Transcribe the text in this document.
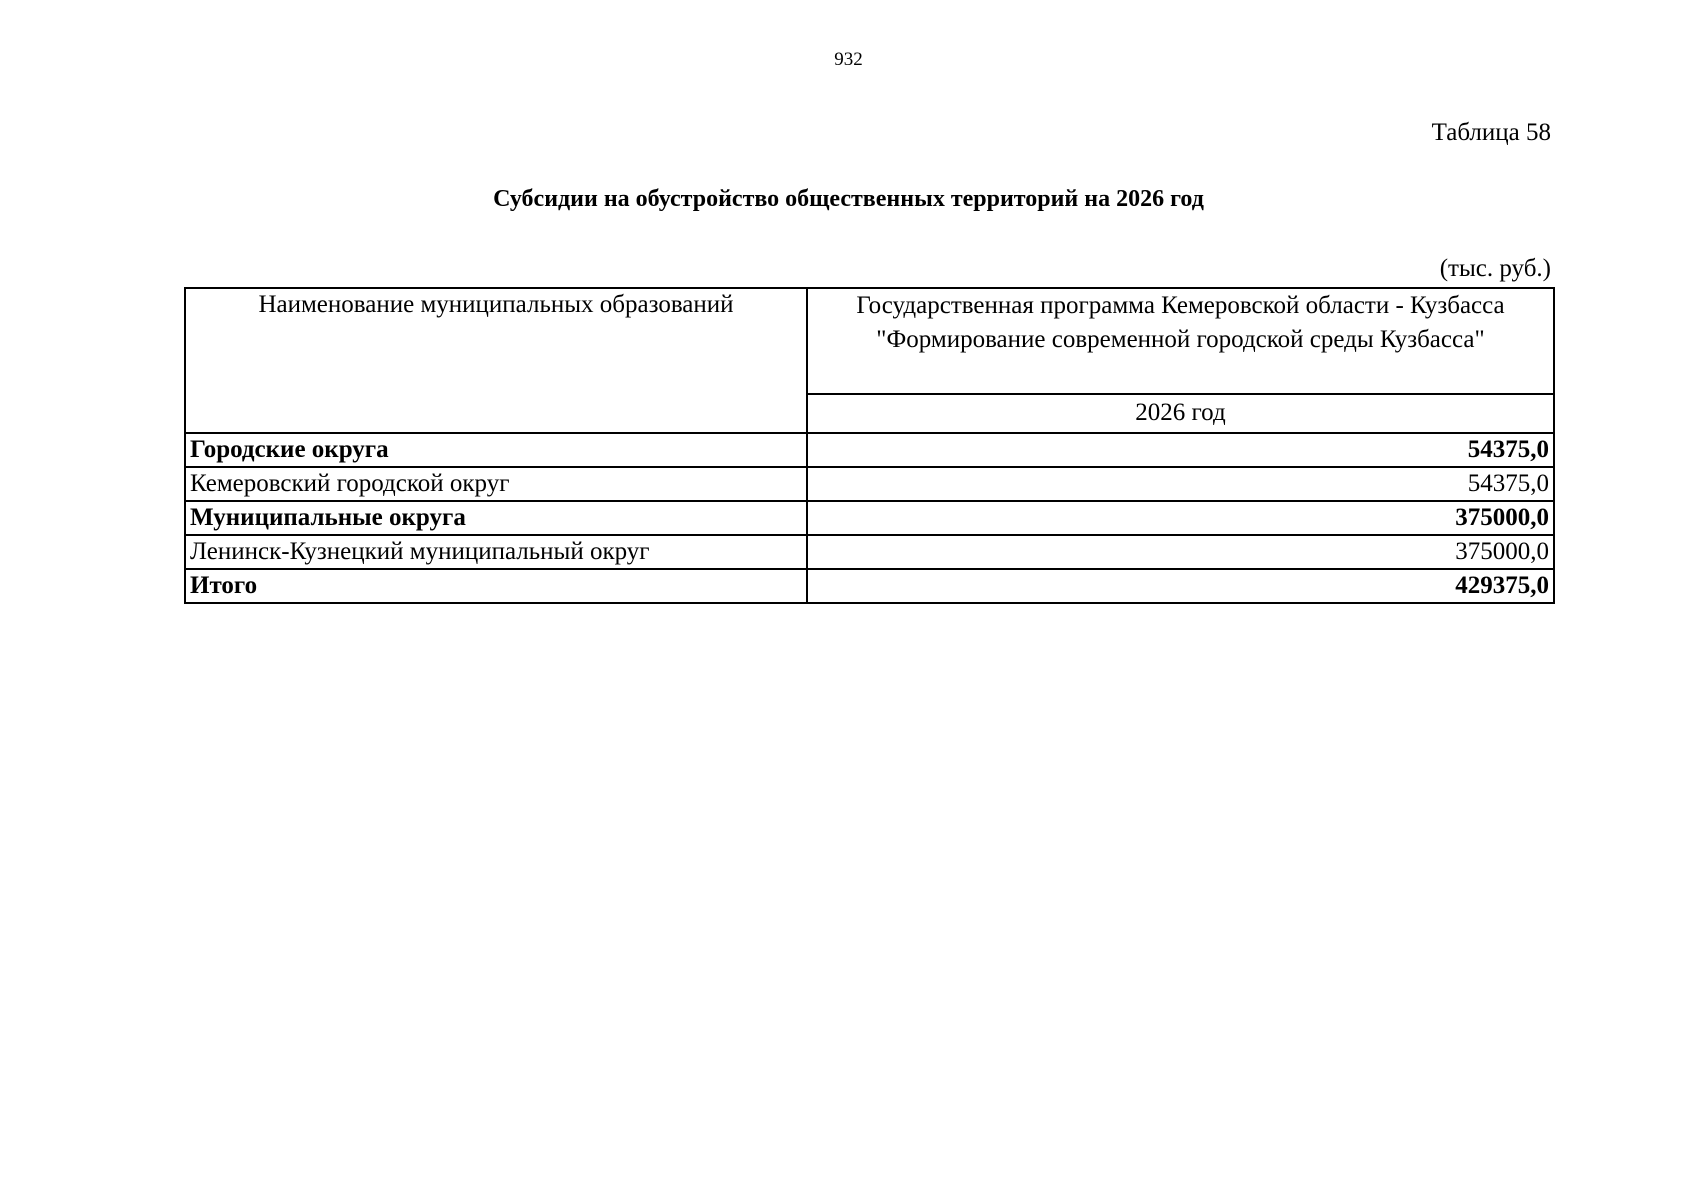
932
Таблица 58
Субсидии на обустройство общественных территорий на 2026 год
(тыс. руб.)
Наименование муниципальных образований	Государственная программа Кемеровской области - Кузбасса
"Формирование современной городской среды Кузбасса"
	2026 год
Городские округа	54375,0
Кемеровский городской округ	54375,0
Муниципальные округа	375000,0
Ленинск-Кузнецкий муниципальный округ	375000,0
Итого	429375,0
